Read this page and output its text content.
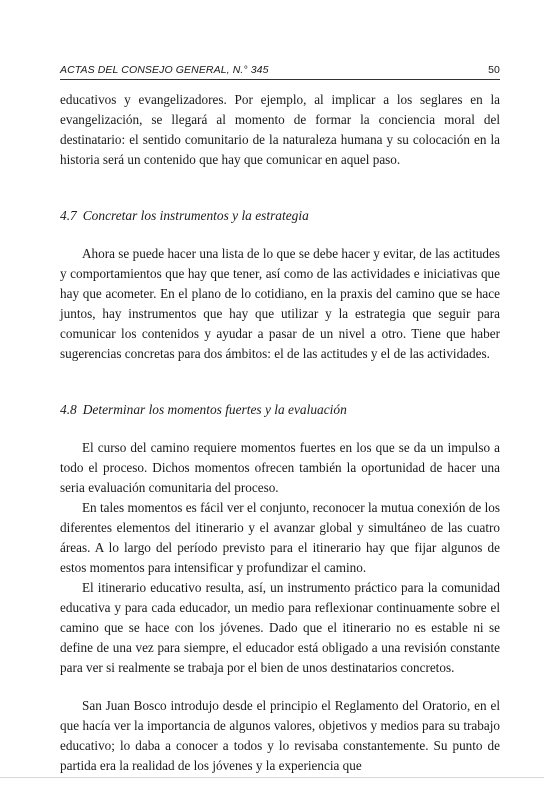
ACTAS DEL CONSEJO GENERAL, N.° 345	50

educativos y evangelizadores. Por ejemplo, al implicar a los seglares en la evangelización, se llegará al momento de formar la conciencia moral del destinatario: el sentido comunitario de la naturaleza humana y su colocación en la historia será un contenido que hay que comunicar en aquel paso.

4.7 Concretar los instrumentos y la estrategia

Ahora se puede hacer una lista de lo que se debe hacer y evitar, de las actitudes y comportamientos que hay que tener, así como de las actividades e iniciativas que hay que acometer. En el plano de lo cotidiano, en la praxis del camino que se hace juntos, hay instrumentos que hay que utilizar y la estrategia que seguir para comunicar los contenidos y ayudar a pasar de un nivel a otro. Tiene que haber sugerencias concretas para dos ámbitos: el de las actitudes y el de las actividades.

4.8 Determinar los momentos fuertes y la evaluación

El curso del camino requiere momentos fuertes en los que se da un impulso a todo el proceso. Dichos momentos ofrecen también la oportunidad de hacer una seria evaluación comunitaria del proceso.

En tales momentos es fácil ver el conjunto, reconocer la mutua conexión de los diferentes elementos del itinerario y el avanzar global y simultáneo de las cuatro áreas. A lo largo del período previsto para el itinerario hay que fijar algunos de estos momentos para intensificar y profundizar el camino.

El itinerario educativo resulta, así, un instrumento práctico para la comunidad educativa y para cada educador, un medio para reflexionar continuamente sobre el camino que se hace con los jóvenes. Dado que el itinerario no es estable ni se define de una vez para siempre, el educador está obligado a una revisión constante para ver si realmente se trabaja por el bien de unos destinatarios concretos.

San Juan Bosco introdujo desde el principio el Reglamento del Oratorio, en el que hacía ver la importancia de algunos valores, objetivos y medios para su trabajo educativo; lo daba a conocer a todos y lo revisaba constantemente. Su punto de partida era la realidad de los jóvenes y la experiencia que
